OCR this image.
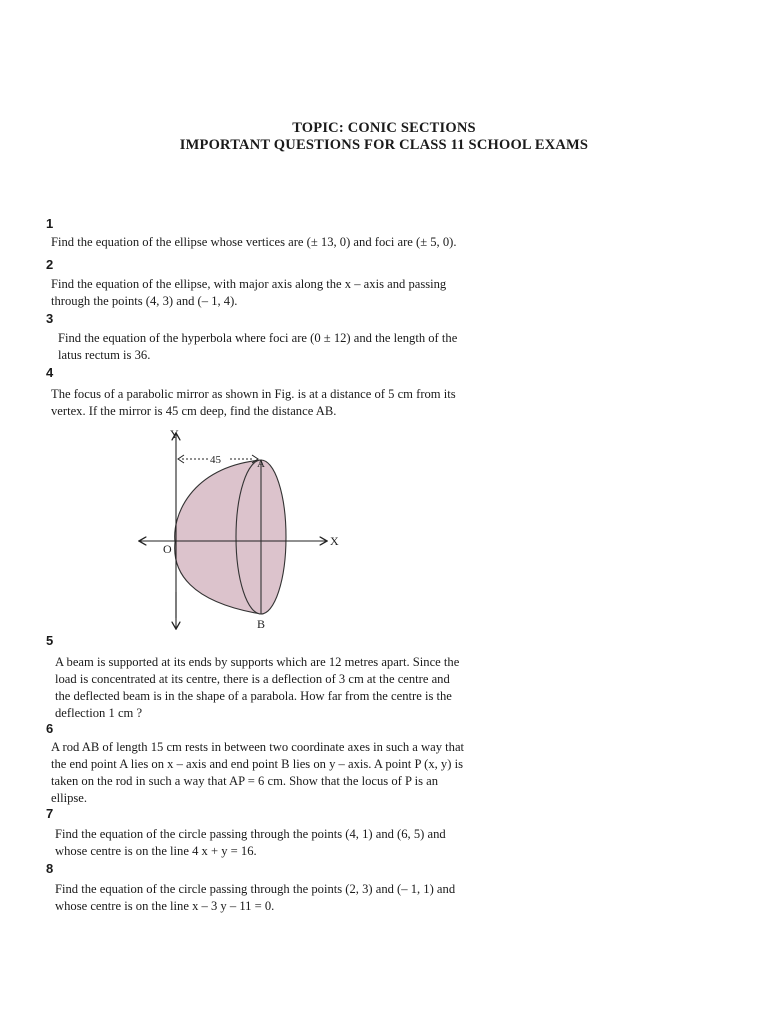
TOPIC: CONIC SECTIONS
IMPORTANT QUESTIONS FOR CLASS 11 SCHOOL EXAMS
1
Find the equation of the ellipse whose vertices are (± 13, 0) and foci are (± 5, 0).
2
Find the equation of the ellipse, with major axis along the x – axis and passing
through the points (4, 3) and (– 1, 4).
3
Find the equation of the hyperbola where foci are (0 ± 12) and the length of the
latus rectum is 36.
4
The focus of a parabolic mirror as shown in Fig. is at a distance of 5 cm from its
vertex. If the mirror is 45 cm deep, find the distance AB.
45
Y
X
O
A
B
5
A beam is supported at its ends by supports which are 12 metres apart. Since the
load is concentrated at its centre, there is a deflection of 3 cm at the centre and
the deflected beam is in the shape of a parabola. How far from the centre is the
deflection 1 cm ?
6
A rod AB of length 15 cm rests in between two coordinate axes in such a way that
the end point A lies on x – axis and end point B lies on y – axis. A point P (x, y) is
taken on the rod in such a way that AP = 6 cm. Show that the locus of P is an
ellipse.
7
Find the equation of the circle passing through the points (4, 1) and (6, 5) and
whose centre is on the line 4 x + y = 16.
8
Find the equation of the circle passing through the points (2, 3) and (– 1, 1) and
whose centre is on the line x – 3 y – 11 = 0.
